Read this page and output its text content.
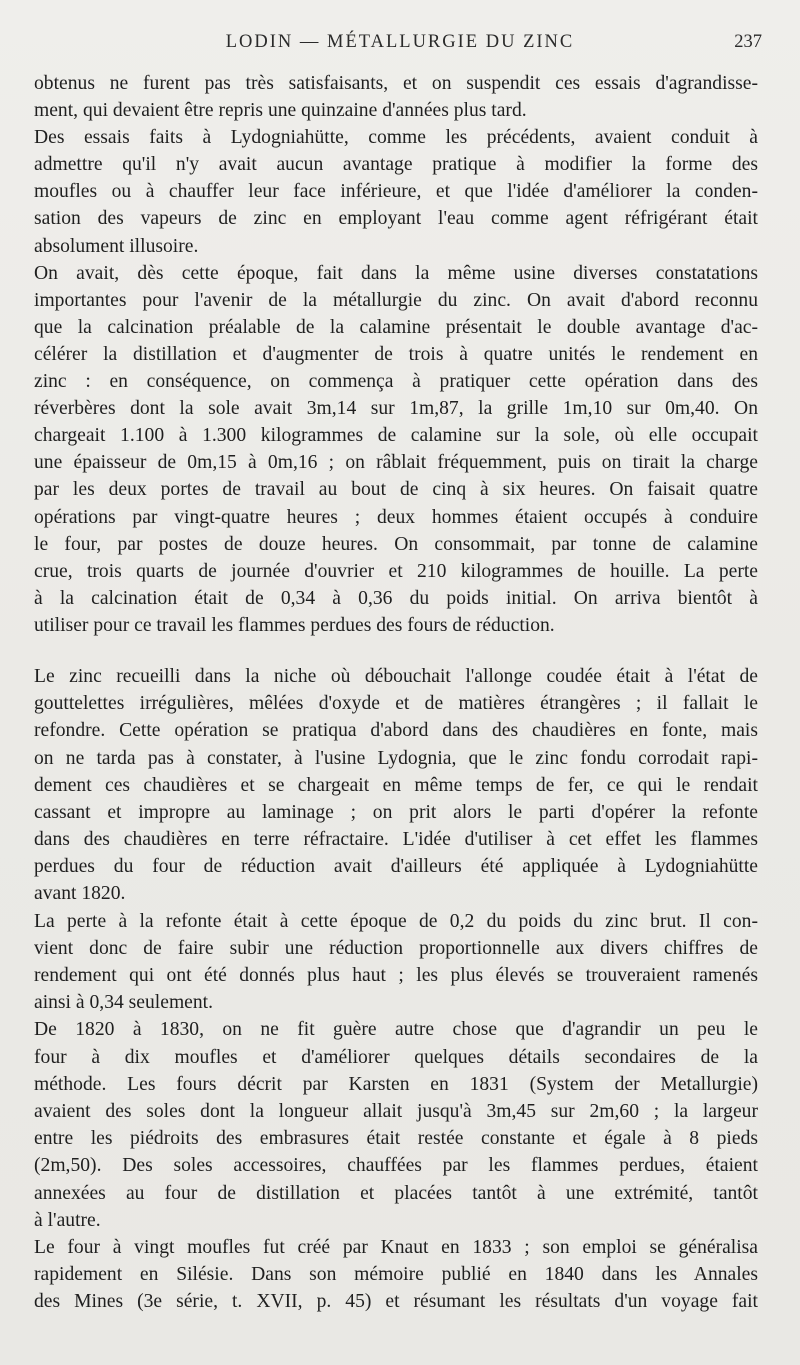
LODIN — MÉTALLURGIE DU ZINC	237
obtenus ne furent pas très satisfaisants, et on suspendit ces essais d'agrandisse-
ment, qui devaient être repris une quinzaine d'années plus tard.
Des essais faits à Lydogniahütte, comme les précédents, avaient conduit à
admettre qu'il n'y avait aucun avantage pratique à modifier la forme des
moufles ou à chauffer leur face inférieure, et que l'idée d'améliorer la conden-
sation des vapeurs de zinc en employant l'eau comme agent réfrigérant était
absolument illusoire.
On avait, dès cette époque, fait dans la même usine diverses constatations
importantes pour l'avenir de la métallurgie du zinc. On avait d'abord reconnu
que la calcination préalable de la calamine présentait le double avantage d'ac-
célérer la distillation et d'augmenter de trois à quatre unités le rendement en
zinc : en conséquence, on commença à pratiquer cette opération dans des
réverbères dont la sole avait 3m,14 sur 1m,87, la grille 1m,10 sur 0m,40. On
chargeait 1.100 à 1.300 kilogrammes de calamine sur la sole, où elle occupait
une épaisseur de 0m,15 à 0m,16 ; on râblait fréquemment, puis on tirait la charge
par les deux portes de travail au bout de cinq à six heures. On faisait quatre
opérations par vingt-quatre heures ; deux hommes étaient occupés à conduire
le four, par postes de douze heures. On consommait, par tonne de calamine
crue, trois quarts de journée d'ouvrier et 210 kilogrammes de houille. La perte
à la calcination était de 0,34 à 0,36 du poids initial. On arriva bientôt à
utiliser pour ce travail les flammes perdues des fours de réduction.
Le zinc recueilli dans la niche où débouchait l'allonge coudée était à l'état de
gouttelettes irrégulières, mêlées d'oxyde et de matières étrangères ; il fallait le
refondre. Cette opération se pratiqua d'abord dans des chaudières en fonte, mais
on ne tarda pas à constater, à l'usine Lydognia, que le zinc fondu corrodait rapi-
dement ces chaudières et se chargeait en même temps de fer, ce qui le rendait
cassant et impropre au laminage ; on prit alors le parti d'opérer la refonte
dans des chaudières en terre réfractaire. L'idée d'utiliser à cet effet les flammes
perdues du four de réduction avait d'ailleurs été appliquée à Lydogniahütte
avant 1820.
La perte à la refonte était à cette époque de 0,2 du poids du zinc brut. Il con-
vient donc de faire subir une réduction proportionnelle aux divers chiffres de
rendement qui ont été donnés plus haut ; les plus élevés se trouveraient ramenés
ainsi à 0,34 seulement.
De 1820 à 1830, on ne fit guère autre chose que d'agrandir un peu le
four à dix moufles et d'améliorer quelques détails secondaires de la
méthode. Les fours décrit par Karsten en 1831 (System der Metallurgie)
avaient des soles dont la longueur allait jusqu'à 3m,45 sur 2m,60 ; la largeur
entre les piédroits des embrasures était restée constante et égale à 8 pieds
(2m,50). Des soles accessoires, chauffées par les flammes perdues, étaient
annexées au four de distillation et placées tantôt à une extrémité, tantôt
à l'autre.
Le four à vingt moufles fut créé par Knaut en 1833 ; son emploi se généralisa
rapidement en Silésie. Dans son mémoire publié en 1840 dans les Annales
des Mines (3e série, t. XVII, p. 45) et résumant les résultats d'un voyage fait
